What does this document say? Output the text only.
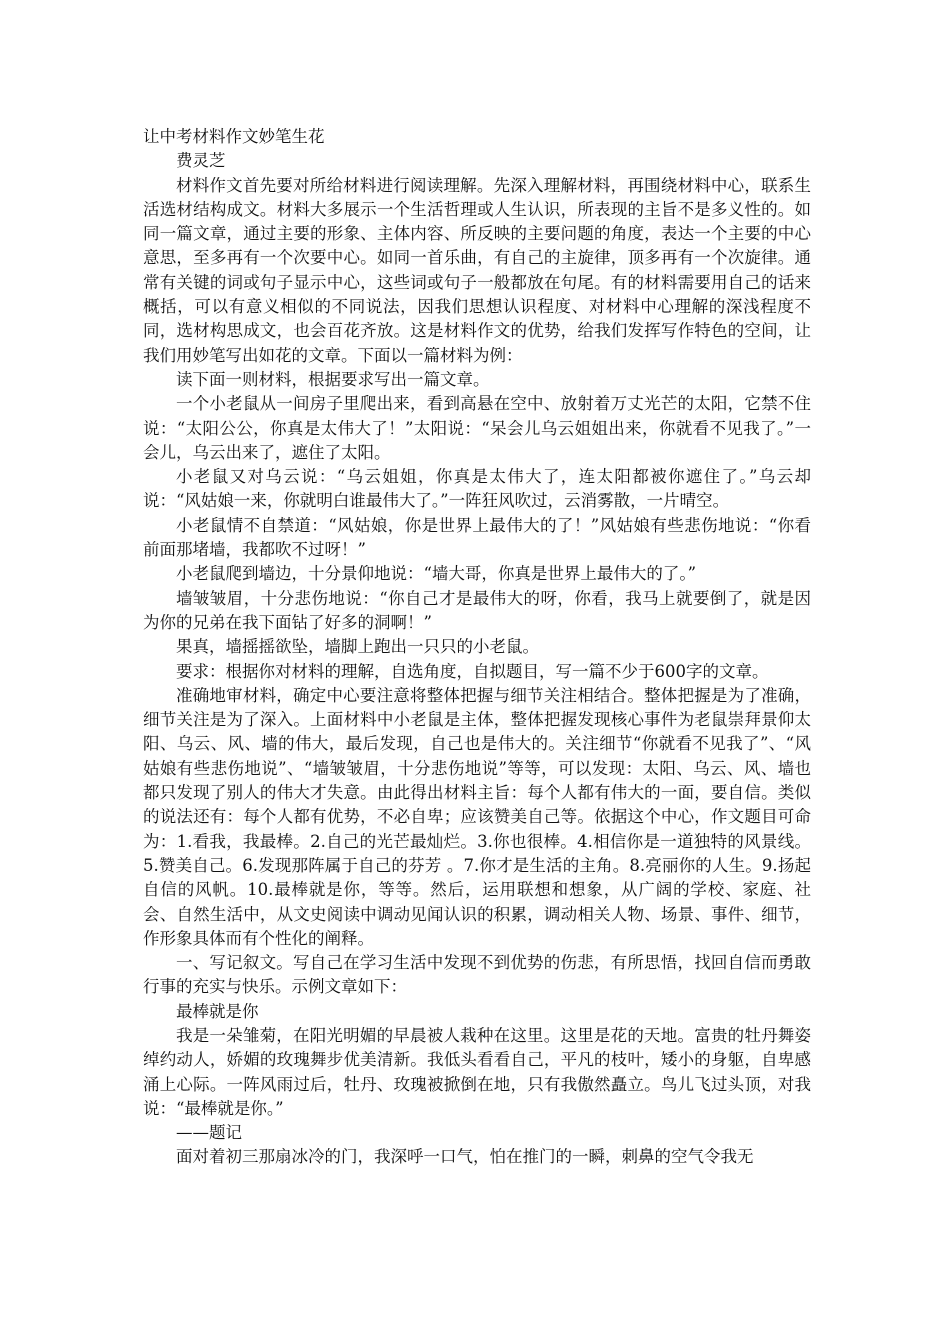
让中考材料作文妙笔生花

费灵芝

材料作文首先要对所给材料进行阅读理解。先深入理解材料，再围绕材料中心，联系生活选材结构成文。材料大多展示一个生活哲理或人生认识，所表现的主旨不是多义性的。如同一篇文章，通过主要的形象、主体内容、所反映的主要问题的角度，表达一个主要的中心意思，至多再有一个次要中心。如同一首乐曲，有自己的主旋律，顶多再有一个次旋律。通常有关键的词或句子显示中心，这些词或句子一般都放在句尾。有的材料需要用自己的话来概括，可以有意义相似的不同说法，因我们思想认识程度、对材料中心理解的深浅程度不同，选材构思成文，也会百花齐放。这是材料作文的优势，给我们发挥写作特色的空间，让我们用妙笔写出如花的文章。下面以一篇材料为例：

读下面一则材料，根据要求写出一篇文章。

一个小老鼠从一间房子里爬出来，看到高悬在空中、放射着万丈光芒的太阳，它禁不住说：“太阳公公，你真是太伟大了！”太阳说：“呆会儿乌云姐姐出来，你就看不见我了。”一会儿，乌云出来了，遮住了太阳。

小老鼠又对乌云说：“乌云姐姐，你真是太伟大了，连太阳都被你遮住了。”乌云却说：“风姑娘一来，你就明白谁最伟大了。”一阵狂风吹过，云消雾散，一片晴空。

小老鼠情不自禁道：“风姑娘，你是世界上最伟大的了！”风姑娘有些悲伤地说：“你看前面那堵墙，我都吹不过呀！”

小老鼠爬到墙边，十分景仰地说：“墙大哥，你真是世界上最伟大的了。”

墙皱皱眉，十分悲伤地说：“你自己才是最伟大的呀，你看，我马上就要倒了，就是因为你的兄弟在我下面钻了好多的洞啊！”

果真，墙摇摇欲坠，墙脚上跑出一只只的小老鼠。

要求：根据你对材料的理解，自选角度，自拟题目，写一篇不少于600字的文章。

准确地审材料，确定中心要注意将整体把握与细节关注相结合。整体把握是为了准确，细节关注是为了深入。上面材料中小老鼠是主体，整体把握发现核心事件为老鼠崇拜景仰太阳、乌云、风、墙的伟大，最后发现，自己也是伟大的。关注细节“你就看不见我了”、“风姑娘有些悲伤地说”、“墙皱皱眉，十分悲伤地说”等等，可以发现：太阳、乌云、风、墙也都只发现了别人的伟大才失意。由此得出材料主旨：每个人都有伟大的一面，要自信。类似的说法还有：每个人都有优势，不必自卑；应该赞美自己等。依据这个中心，作文题目可命为：1.看我，我最棒。2.自己的光芒最灿烂。3.你也很棒。4.相信你是一道独特的风景线。5.赞美自己。6.发现那阵属于自己的芬芳 。7.你才是生活的主角。8.亮丽你的人生。9.扬起自信的风帆。10.最棒就是你，等等。然后，运用联想和想象，从广阔的学校、家庭、社会、自然生活中，从文史阅读中调动见闻认识的积累，调动相关人物、场景、事件、细节，作形象具体而有个性化的阐释。

一、写记叙文。写自己在学习生活中发现不到优势的伤悲，有所思悟，找回自信而勇敢行事的充实与快乐。示例文章如下：

最棒就是你

我是一朵雏菊，在阳光明媚的早晨被人栽种在这里。这里是花的天地。富贵的牡丹舞姿绰约动人，娇媚的玫瑰舞步优美清新。我低头看看自己，平凡的枝叶，矮小的身躯，自卑感涌上心际。一阵风雨过后，牡丹、玫瑰被掀倒在地，只有我傲然矗立。鸟儿飞过头顶，对我说：“最棒就是你。”

——题记

面对着初三那扇冰冷的门，我深呼一口气，怕在推门的一瞬，刺鼻的空气令我无
